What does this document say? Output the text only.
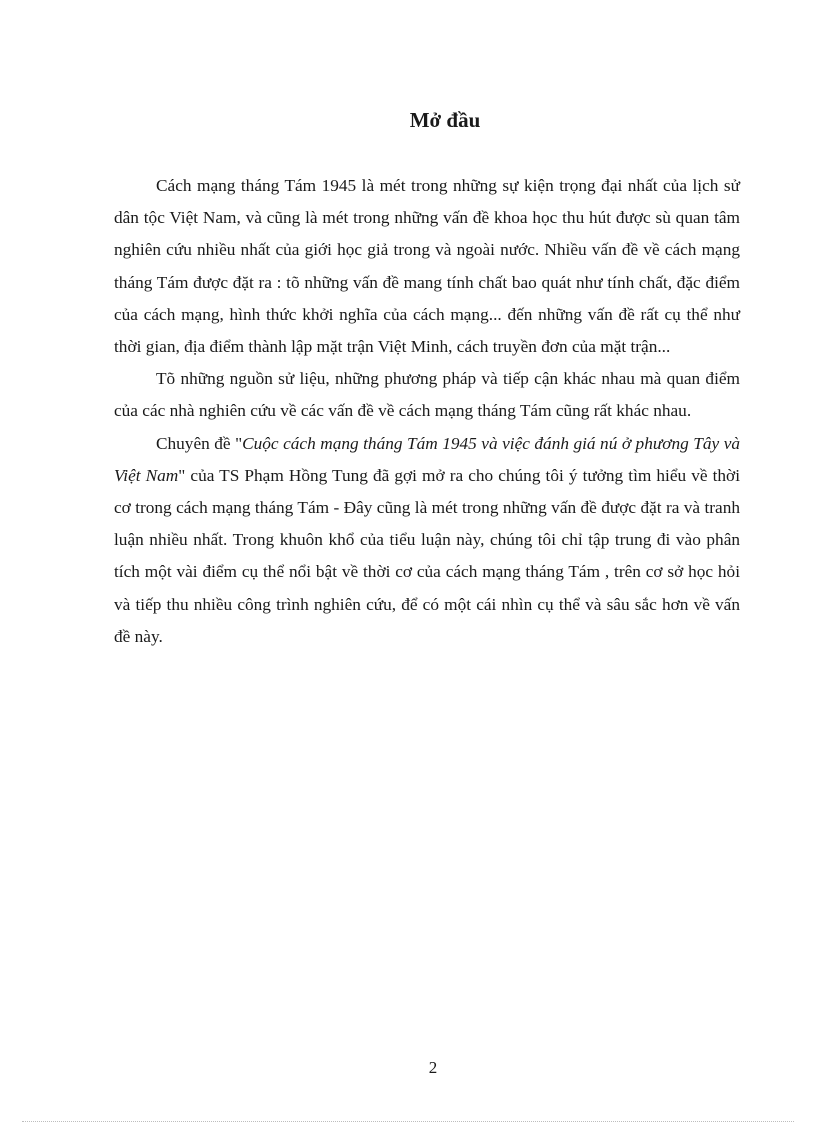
Mở đầu

Cách mạng tháng Tám 1945 là mét trong những sự kiện trọng đại nhất của lịch sử dân tộc Việt Nam, và cũng là mét trong những vấn đề khoa học thu hút được sù quan tâm nghiên cứu nhiều nhất của giới học giả trong và ngoài nước. Nhiều vấn đề về cách mạng tháng Tám được đặt ra : tõ những vấn đề mang tính chất bao quát như tính chất, đặc điểm của cách mạng, hình thức khởi nghĩa của cách mạng... đến những vấn đề rất cụ thể như thời gian, địa điểm thành lập mặt trận Việt Minh, cách truyền đơn của mặt trận...

Tõ những nguồn sử liệu, những phương pháp và tiếp cận khác nhau mà quan điểm của các nhà nghiên cứu về các vấn đề về cách mạng tháng Tám cũng rất khác nhau.

Chuyên đề "Cuộc cách mạng tháng Tám 1945 và việc đánh giá nú ở phương Tây và Việt Nam" của TS Phạm Hồng Tung đã gợi mở ra cho chúng tôi ý tưởng tìm hiểu về thời cơ trong cách mạng tháng Tám - Đây cũng là mét trong những vấn đề được đặt ra và tranh luận nhiều nhất. Trong khuôn khổ của tiểu luận này, chúng tôi chỉ tập trung đi vào phân tích một vài điểm cụ thể nổi bật về thời cơ của cách mạng tháng Tám , trên cơ sở học hỏi và tiếp thu nhiều công trình nghiên cứu, để có một cái nhìn cụ thể và sâu sắc hơn về vấn đề này.

2
